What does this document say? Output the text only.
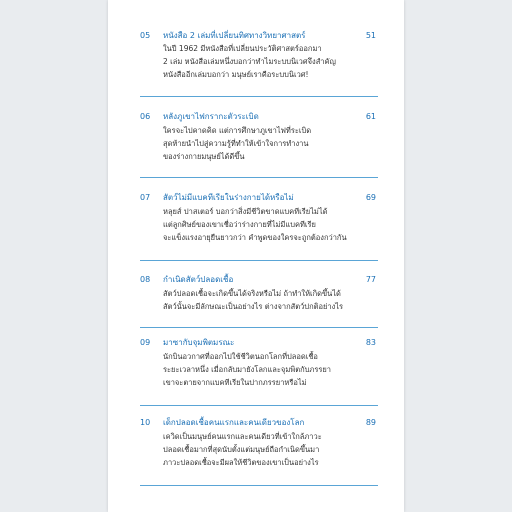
05 หนังสือ 2 เล่มที่เปลี่ยนทิศทางวิทยาศาสตร์	51
ในปี 1962 มีหนังสือที่เปลี่ยนประวัติศาสตร์ออกมา
2 เล่ม หนังสือเล่มหนึ่งบอกว่าทำไมระบบนิเวศจึงสำคัญ
หนังสืออีกเล่มบอกว่า มนุษย์เราคือระบบนิเวศ!
06 หลังภูเขาไฟกรากะตัวระเบิด	61
ใครจะไปคาดคิด แต่การศึกษาภูเขาไฟที่ระเบิด
สุดท้ายนำไปสู่ความรู้ที่ทำให้เข้าใจการทำงาน
ของร่างกายมนุษย์ได้ดีขึ้น
07 สัตว์ไม่มีแบคทีเรียในร่างกายได้หรือไม่	69
หลุยส์ ปาสเตอร์ บอกว่าสิ่งมีชีวิตขาดแบคทีเรียไม่ได้
แต่ลูกศิษย์ของเขาเชื่อว่าร่างกายที่ไม่มีแบคทีเรีย
จะแข็งแรงอายุยืนยาวกว่า คำพูดของใครจะถูกต้องกว่ากัน
08 กำเนิดสัตว์ปลอดเชื้อ	77
สัตว์ปลอดเชื้อจะเกิดขึ้นได้จริงหรือไม่ ถ้าทำให้เกิดขึ้นได้
สัตว์นั้นจะมีลักษณะเป็นอย่างไร ต่างจากสัตว์ปกติอย่างไร
09 มาซากับจุมพิตมรณะ	83
นักบินอวกาศที่ออกไปใช้ชีวิตนอกโลกที่ปลอดเชื้อ
ระยะเวลาหนึ่ง เมื่อกลับมายังโลกและจุมพิตกับภรรยา
เขาจะตายจากแบคทีเรียในปากภรรยาหรือไม่
10 เด็กปลอดเชื้อคนแรกและคนเดียวของโลก	89
เควิดเป็นมนุษย์คนแรกและคนเดียวที่เข้าใกล้ภาวะ
ปลอดเชื้อมากที่สุดนับตั้งแต่มนุษย์ถือกำเนิดขึ้นมา
ภาวะปลอดเชื้อจะมีผลให้ชีวิตของเขาเป็นอย่างไร
